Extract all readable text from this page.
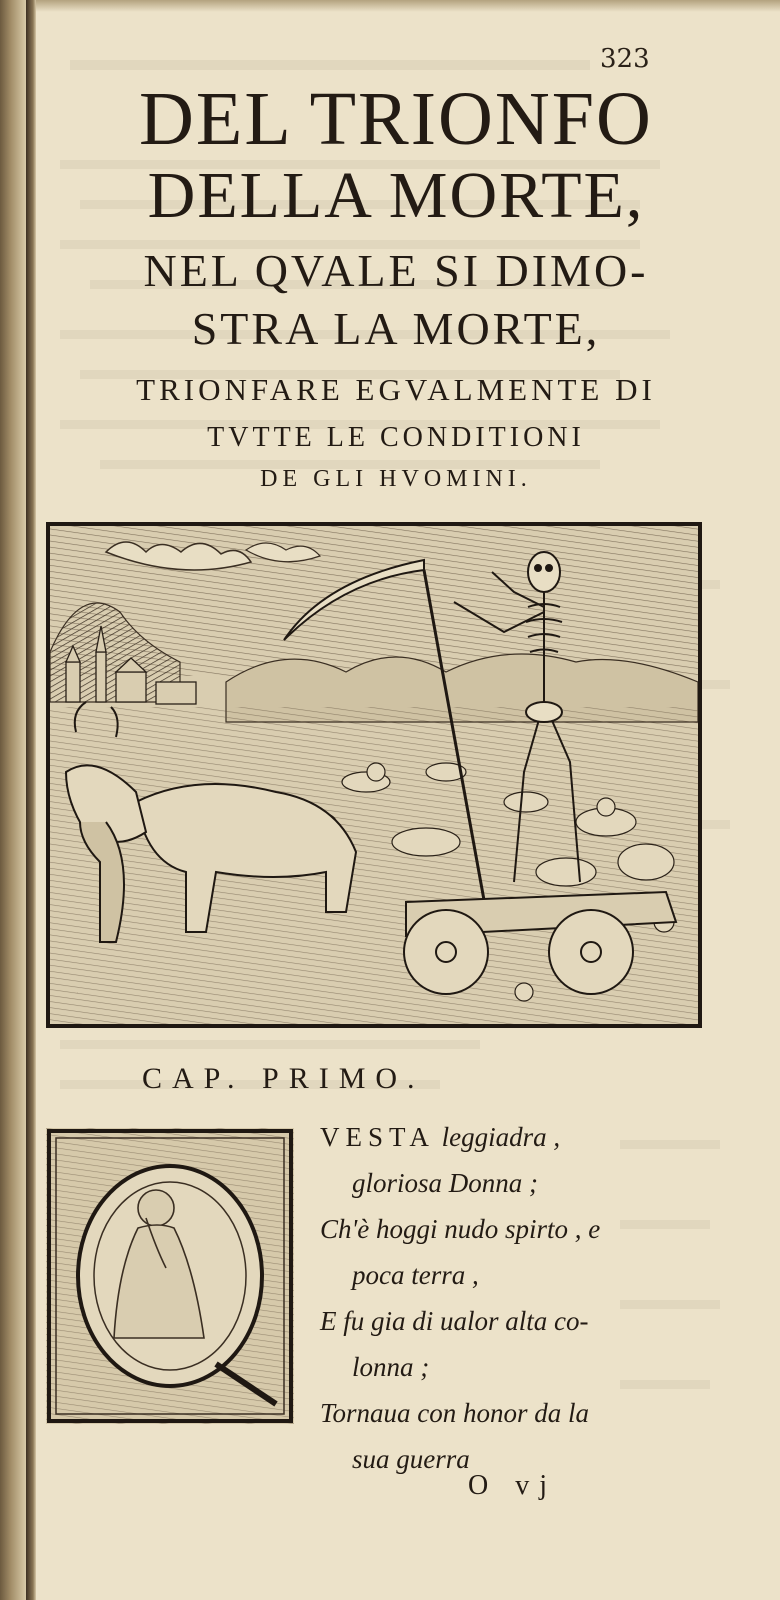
323
DEL TRIONFO
DELLA MORTE,
NEL QVALE SI DIMO-
STRA LA MORTE,
TRIONFARE EGVALMENTE DI
TVTTE LE CONDITIONI
DE GLI HVOMINI.
CAP. PRIMO.
VESTA leggiadra ,
gloriosa Donna ;
Ch'è hoggi nudo spirto , e
poca terra ,
E fu gia di ualor alta co-
lonna ;
Tornaua con honor da la
sua guerra
O vj
